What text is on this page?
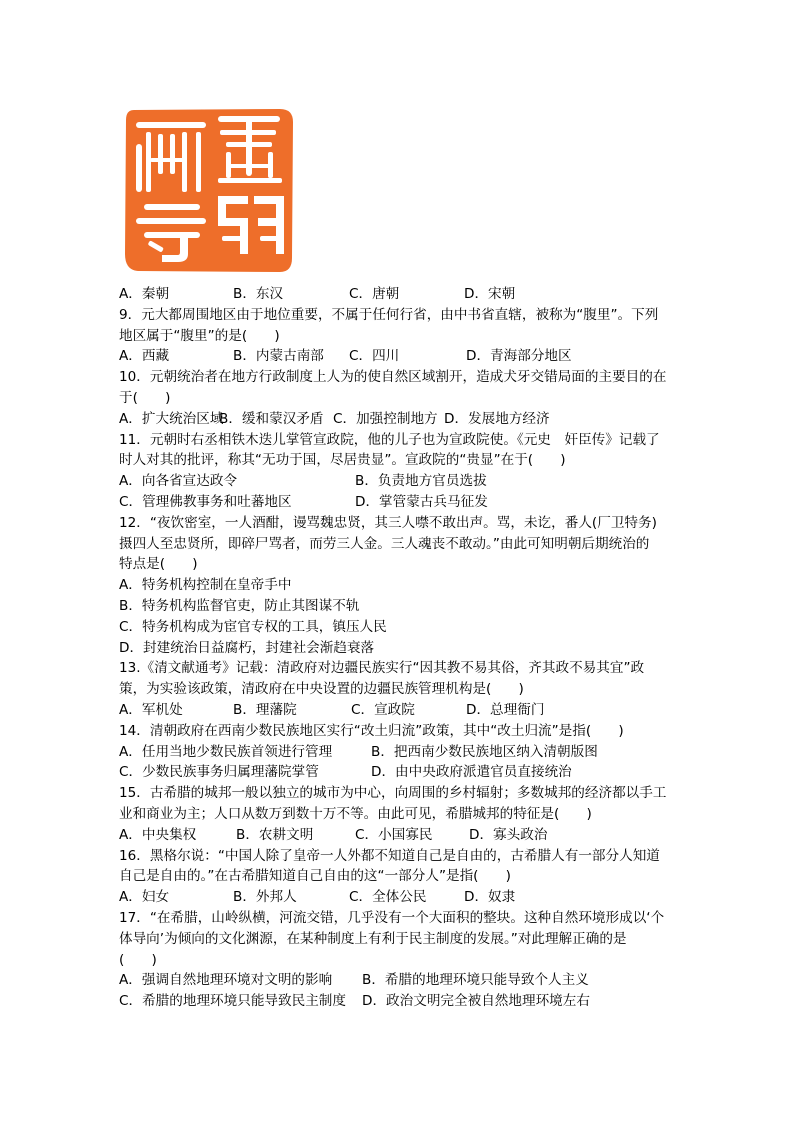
A．秦朝	B．东汉	C．唐朝	D．宋朝
9．元大都周围地区由于地位重要，不属于任何行省，由中书省直辖，被称为“腹里”。下列
地区属于“腹里”的是(　　)
A．西藏	B．内蒙古南部 C．四川	D．青海部分地区
10．元朝统治者在地方行政制度上人为的使自然区域割开，造成犬牙交错局面的主要目的在
于(　　)
A．扩大统治区域
B．缓和蒙汉矛盾 C．加强控制地方 D．发展地方经济
11．元朝时右丞相铁木迭儿掌管宣政院，他的儿子也为宣政院使。《元史　奸臣传》记载了
时人对其的批评，称其“无功于国，尽居贵显”。宣政院的“贵显”在于(　　)
A．向各省宣达政令	B．负责地方官员选拔
C．管理佛教事务和吐蕃地区	D．掌管蒙古兵马征发
12．“夜饮密室，一人酒酣，谩骂魏忠贤，其三人噤不敢出声。骂，未讫，番人(厂卫特务)
摄四人至忠贤所，即碎尸骂者，而劳三人金。三人魂丧不敢动。”由此可知明朝后期统治的
特点是(　　)
A．特务机构控制在皇帝手中
B．特务机构监督官吏，防止其图谋不轨
C．特务机构成为宦官专权的工具，镇压人民
D．封建统治日益腐朽，封建社会渐趋衰落
13.《清文献通考》记载：清政府对边疆民族实行“因其教不易其俗，齐其政不易其宜”政
策，为实验该政策，清政府在中央设置的边疆民族管理机构是(　　)
A．军机处	B．理藩院	C．宣政院	D．总理衙门
14．清朝政府在西南少数民族地区实行“改土归流”政策，其中“改土归流”是指(　　)
A．任用当地少数民族首领进行管理	B．把西南少数民族地区纳入清朝版图
C．少数民族事务归属理藩院掌管	D．由中央政府派遣官员直接统治
15．古希腊的城邦一般以独立的城市为中心，向周围的乡村辐射；多数城邦的经济都以手工
业和商业为主；人口从数万到数十万不等。由此可见，希腊城邦的特征是(　　)
A．中央集权	B．农耕文明	C．小国寡民	D．寡头政治
16．黑格尔说：“中国人除了皇帝一人外都不知道自己是自由的，古希腊人有一部分人知道
自己是自由的。”在古希腊知道自己自由的这“一部分人”是指(　　)
A．妇女	B．外邦人	C．全体公民	D．奴隶
17．“在希腊，山岭纵横，河流交错，几乎没有一个大面积的整块。这种自然环境形成以‘个
体导向’为倾向的文化渊源，在某种制度上有利于民主制度的发展。”对此理解正确的是
(　　)
A．强调自然地理环境对文明的影响 B．希腊的地理环境只能导致个人主义
C．希腊的地理环境只能导致民主制度 D．政治文明完全被自然地理环境左右
